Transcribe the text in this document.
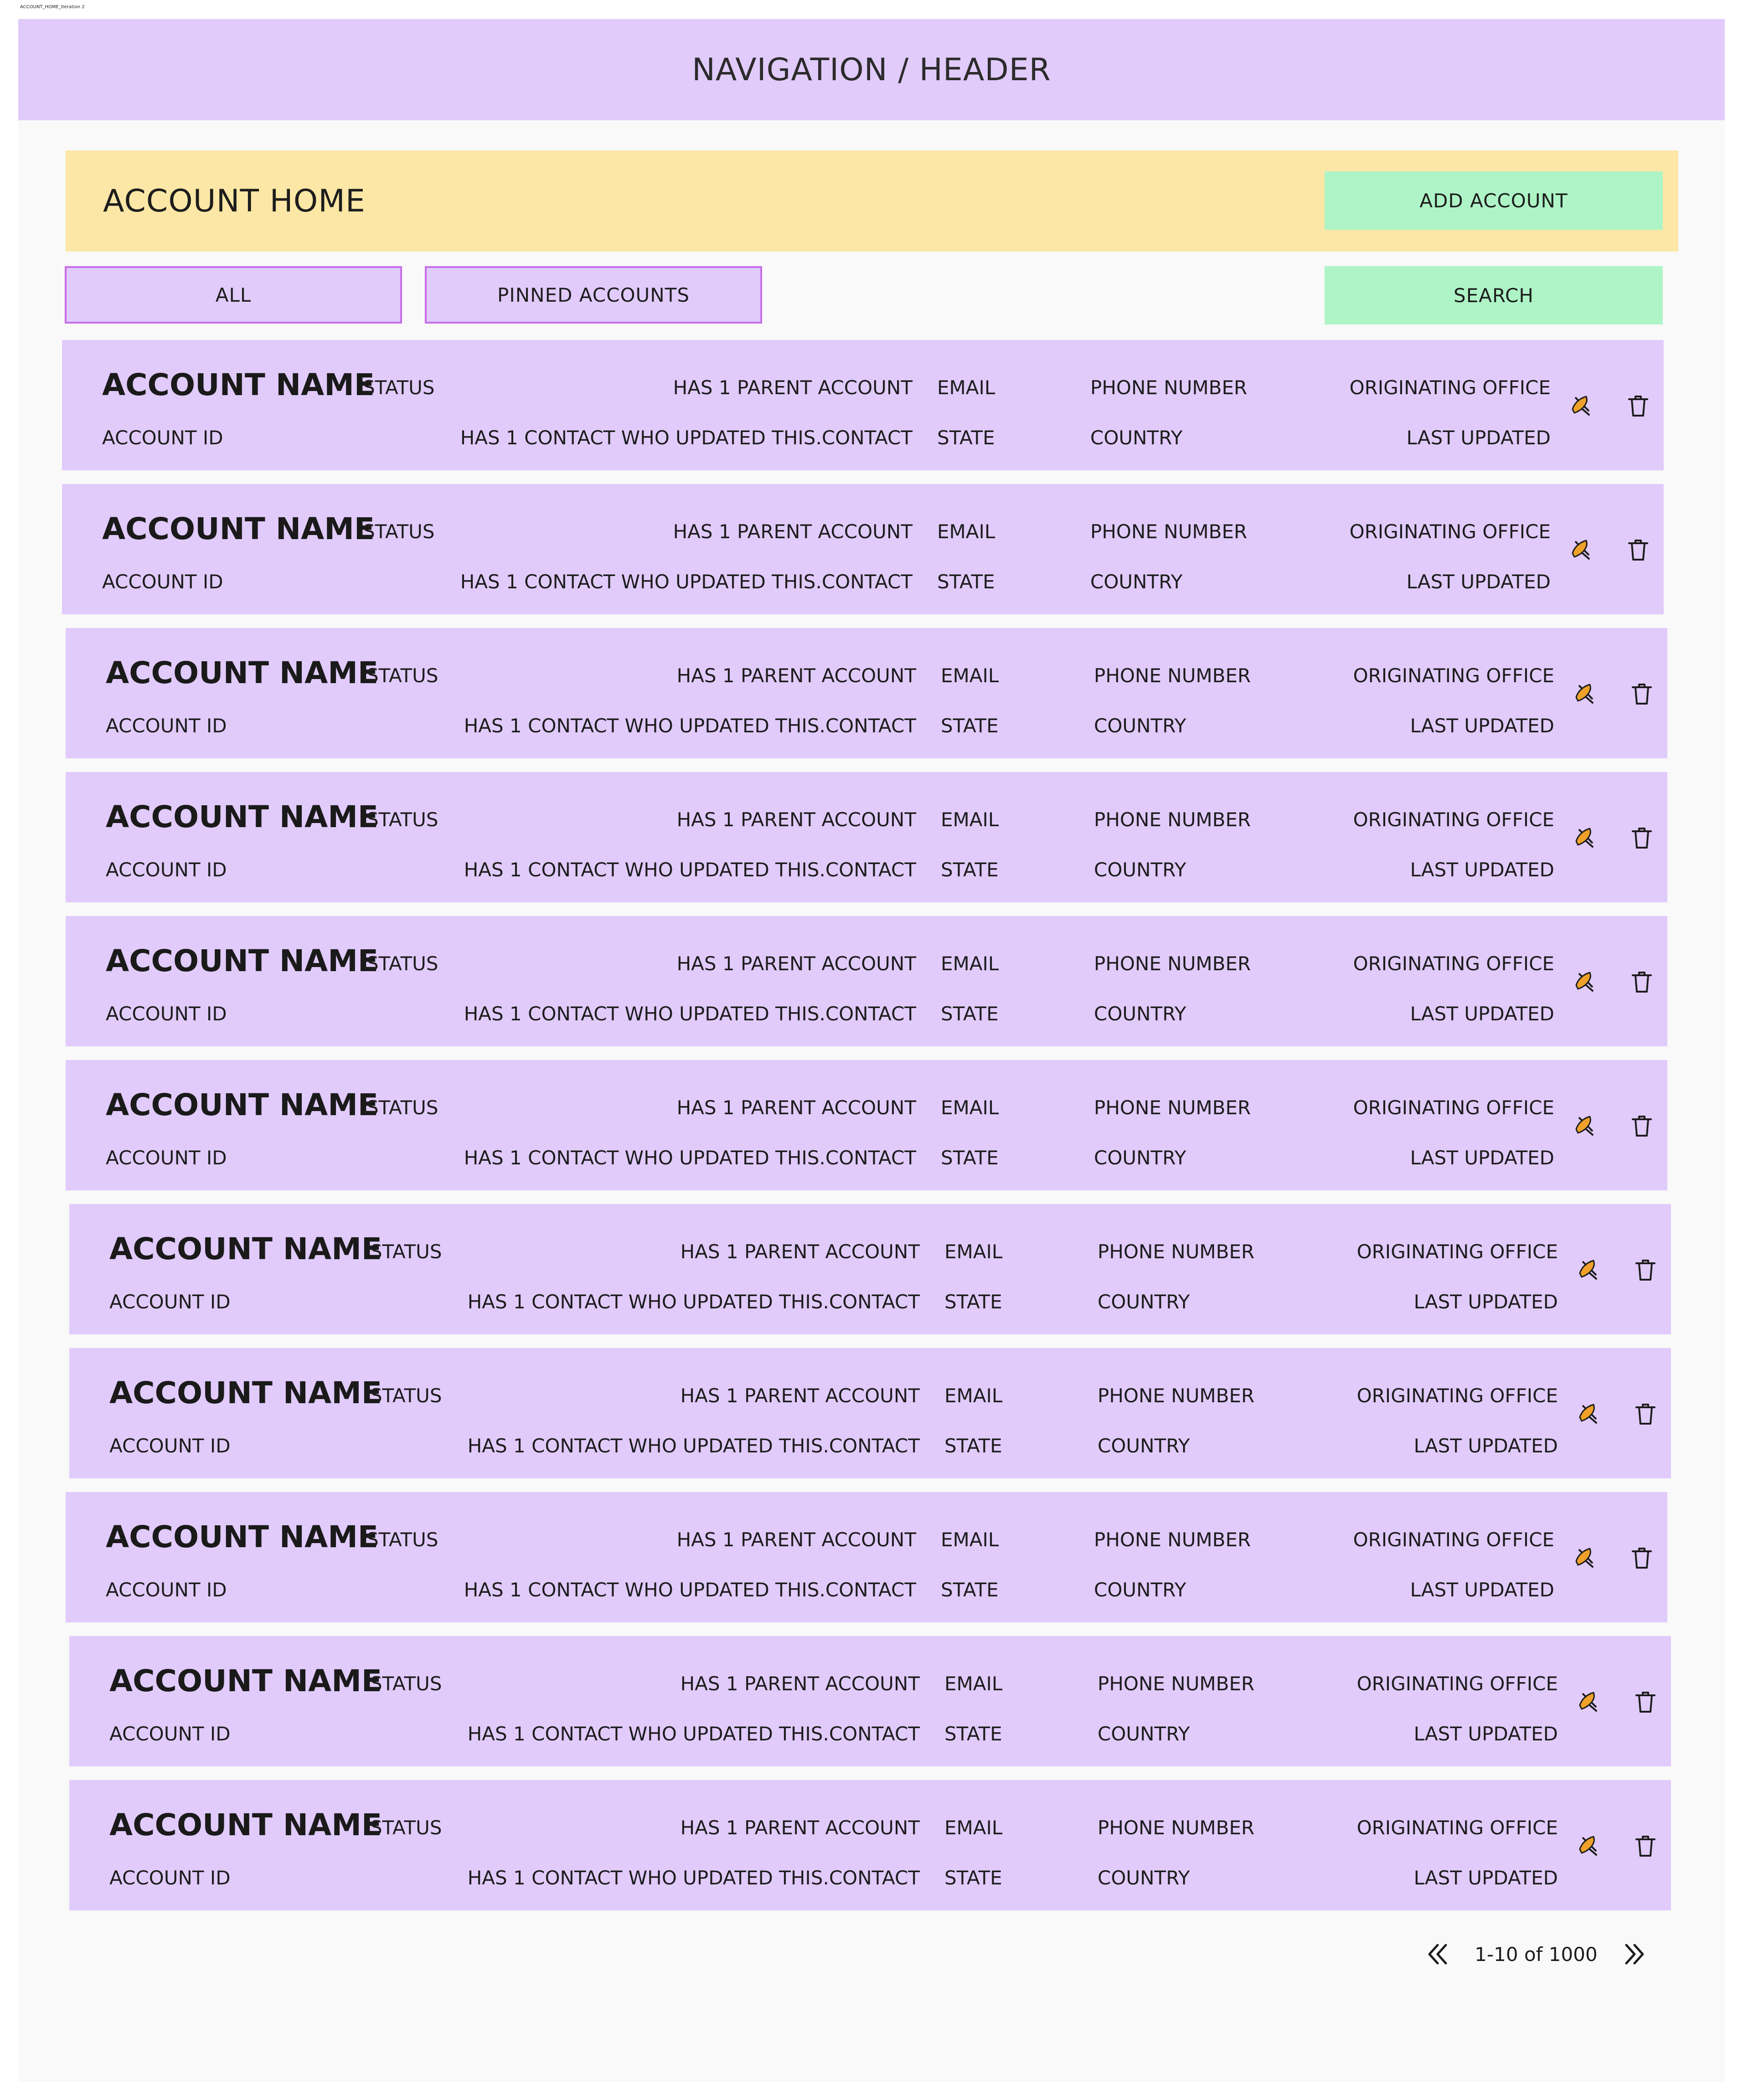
ACCOUNT_HOME_Iteration 2
NAVIGATION / HEADER
ACCOUNT HOME	ADD ACCOUNT
ALL	PINNED ACCOUNTS	SEARCH
ACCOUNT NAME
STATUS	HAS 1 PARENT ACCOUNT EMAIL	PHONE NUMBER	ORIGINATING OFFICE
ACCOUNT ID	HAS 1 CONTACT WHO UPDATED THIS.CONTACT STATE	COUNTRY	LAST UPDATED
ACCOUNT NAME
STATUS	HAS 1 PARENT ACCOUNT EMAIL	PHONE NUMBER	ORIGINATING OFFICE
ACCOUNT ID	HAS 1 CONTACT WHO UPDATED THIS.CONTACT STATE	COUNTRY	LAST UPDATED
ACCOUNT NAME
STATUS	HAS 1 PARENT ACCOUNT EMAIL	PHONE NUMBER	ORIGINATING OFFICE
ACCOUNT ID	HAS 1 CONTACT WHO UPDATED THIS.CONTACT STATE	COUNTRY	LAST UPDATED
ACCOUNT NAME
STATUS	HAS 1 PARENT ACCOUNT EMAIL	PHONE NUMBER	ORIGINATING OFFICE
ACCOUNT ID	HAS 1 CONTACT WHO UPDATED THIS.CONTACT STATE	COUNTRY	LAST UPDATED
ACCOUNT NAME
STATUS	HAS 1 PARENT ACCOUNT EMAIL	PHONE NUMBER	ORIGINATING OFFICE
ACCOUNT ID	HAS 1 CONTACT WHO UPDATED THIS.CONTACT STATE	COUNTRY	LAST UPDATED
ACCOUNT NAME
STATUS	HAS 1 PARENT ACCOUNT EMAIL	PHONE NUMBER	ORIGINATING OFFICE
ACCOUNT ID	HAS 1 CONTACT WHO UPDATED THIS.CONTACT STATE	COUNTRY	LAST UPDATED
ACCOUNT NAME
STATUS	HAS 1 PARENT ACCOUNT EMAIL	PHONE NUMBER	ORIGINATING OFFICE
ACCOUNT ID	HAS 1 CONTACT WHO UPDATED THIS.CONTACT STATE	COUNTRY	LAST UPDATED
ACCOUNT NAME
STATUS	HAS 1 PARENT ACCOUNT EMAIL	PHONE NUMBER	ORIGINATING OFFICE
ACCOUNT ID	HAS 1 CONTACT WHO UPDATED THIS.CONTACT STATE	COUNTRY	LAST UPDATED
ACCOUNT NAME
STATUS	HAS 1 PARENT ACCOUNT EMAIL	PHONE NUMBER	ORIGINATING OFFICE
ACCOUNT ID	HAS 1 CONTACT WHO UPDATED THIS.CONTACT STATE	COUNTRY	LAST UPDATED
ACCOUNT NAME
STATUS	HAS 1 PARENT ACCOUNT EMAIL	PHONE NUMBER	ORIGINATING OFFICE
ACCOUNT ID	HAS 1 CONTACT WHO UPDATED THIS.CONTACT STATE	COUNTRY	LAST UPDATED
ACCOUNT NAME
STATUS	HAS 1 PARENT ACCOUNT EMAIL	PHONE NUMBER	ORIGINATING OFFICE
ACCOUNT ID	HAS 1 CONTACT WHO UPDATED THIS.CONTACT STATE	COUNTRY	LAST UPDATED
1-10 of 1000
